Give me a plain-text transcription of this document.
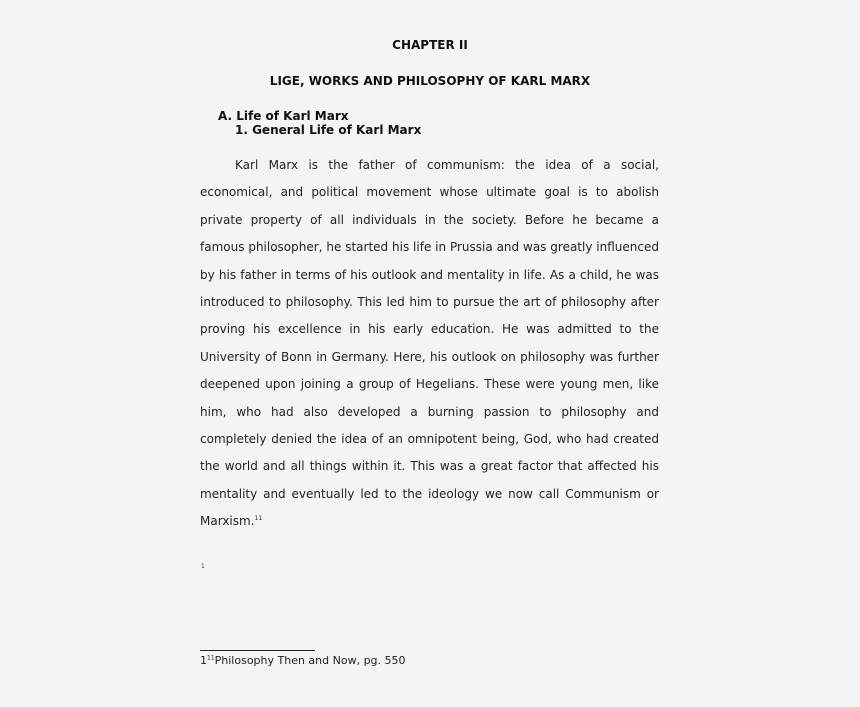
CHAPTER II
LIGE, WORKS AND PHILOSOPHY OF KARL MARX
A. Life of Karl Marx
1. General Life of Karl Marx

Karl Marx is the father of communism: the idea of a social, economical, and political movement whose ultimate goal is to abolish private property of all individuals in the society. Before he became a famous philosopher, he started his life in Prussia and was greatly influenced by his father in terms of his outlook and mentality in life. As a child, he was introduced to philosophy. This led him to pursue the art of philosophy after proving his excellence in his early education. He was admitted to the University of Bonn in Germany. Here, his outlook on philosophy was further deepened upon joining a group of Hegelians. These were young men, like him, who had also developed a burning passion to philosophy and completely denied the idea of an omnipotent being, God, who had created the world and all things within it. This was a great factor that affected his mentality and eventually led to the ideology we now call Communism or Marxism.$^{11}$

1
$1^{11}Philosophy$ Then and Now, pg. 550
